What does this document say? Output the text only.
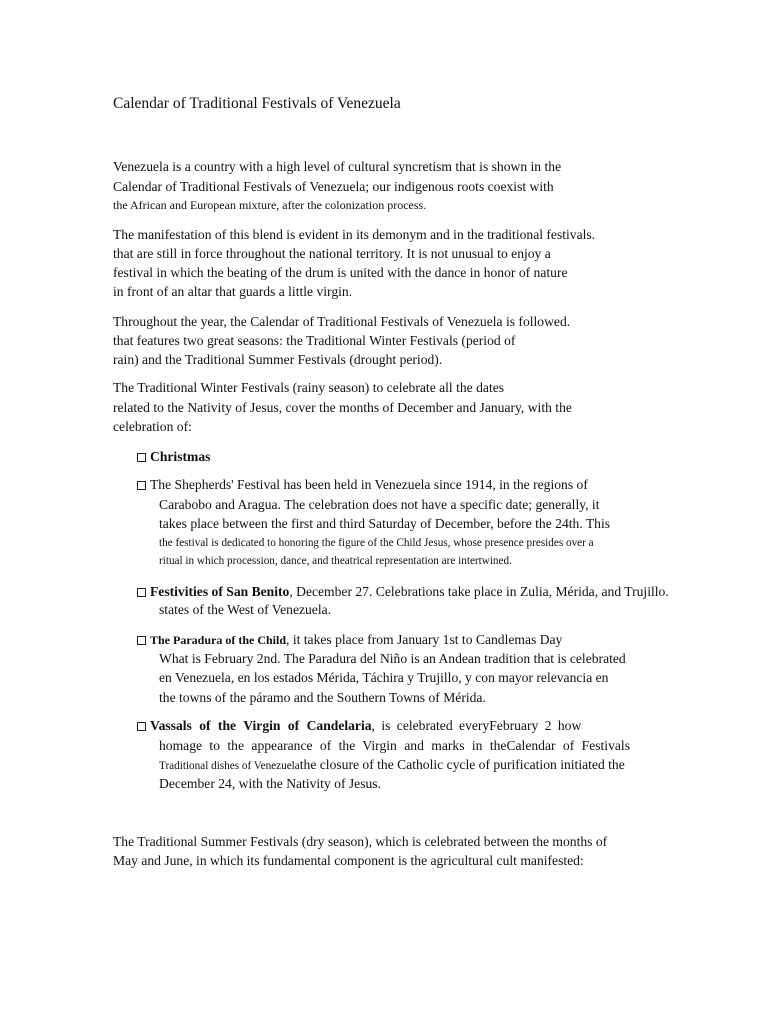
Calendar of Traditional Festivals of Venezuela
Venezuela is a country with a high level of cultural syncretism that is shown in the
Calendar of Traditional Festivals of Venezuela; our indigenous roots coexist with
the African and European mixture, after the colonization process.
The manifestation of this blend is evident in its demonym and in the traditional festivals.
that are still in force throughout the national territory. It is not unusual to enjoy a
festival in which the beating of the drum is united with the dance in honor of nature
in front of an altar that guards a little virgin.
Throughout the year, the Calendar of Traditional Festivals of Venezuela is followed.
that features two great seasons: the Traditional Winter Festivals (period of
rain) and the Traditional Summer Festivals (drought period).
The Traditional Winter Festivals (rainy season) to celebrate all the dates
related to the Nativity of Jesus, cover the months of December and January, with the
celebration of:
Christmas
The Shepherds' Festival has been held in Venezuela since 1914, in the regions of
Carabobo and Aragua. The celebration does not have a specific date; generally, it
takes place between the first and third Saturday of December, before the 24th. This
the festival is dedicated to honoring the figure of the Child Jesus, whose presence presides over a
ritual in which procession, dance, and theatrical representation are intertwined.
Festivities of San Benito, December 27. Celebrations take place in Zulia, Mérida, and Trujillo.
states of the West of Venezuela.
The Paradura of the Child, it takes place from January 1st to Candlemas Day
What is February 2nd. The Paradura del Niño is an Andean tradition that is celebrated
en Venezuela, en los estados Mérida, Táchira y Trujillo, y con mayor relevancia en
the towns of the páramo and the Southern Towns of Mérida.
Vassals of the Virgin of Candelaria, is celebrated everyFebruary 2 how
homage to the appearance of the Virgin and marks in theCalendar of Festivals
Traditional dishes of Venezuelathe closure of the Catholic cycle of purification initiated the
December 24, with the Nativity of Jesus.
The Traditional Summer Festivals (dry season), which is celebrated between the months of
May and June, in which its fundamental component is the agricultural cult manifested:
